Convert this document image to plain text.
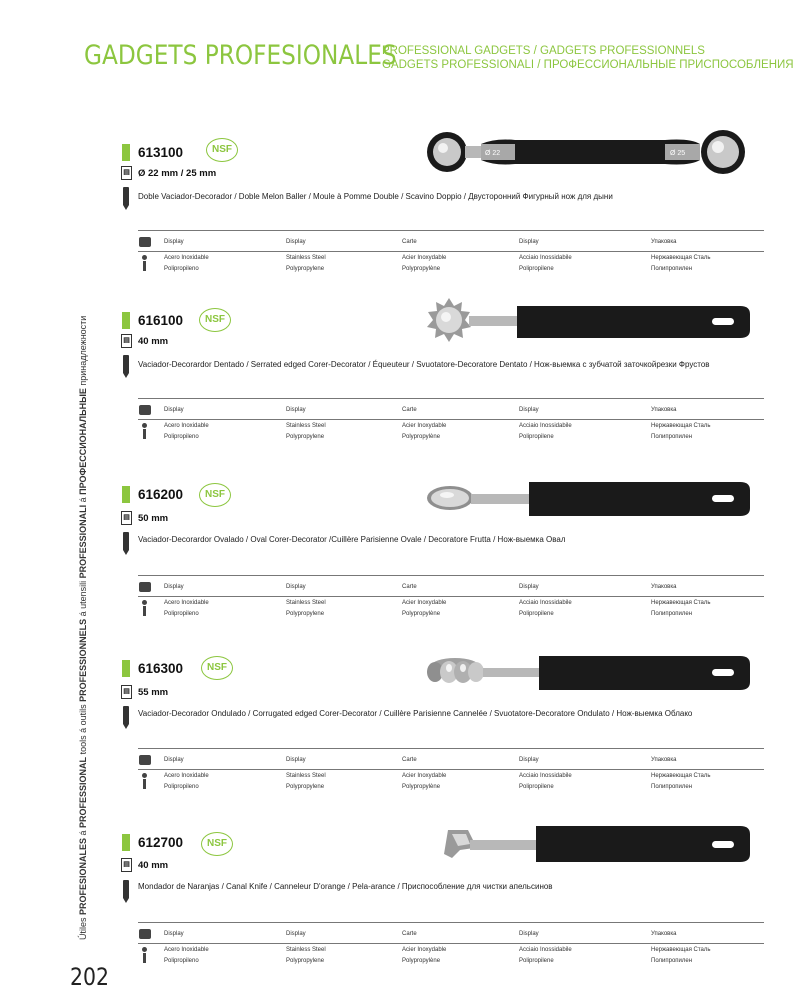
GADGETS PROFESIONALES
PROFESSIONAL GADGETS / GADGETS PROFESSIONNELS
GADGETS PROFESSIONALI / ПРОФЕССИОНАЛЬНЫЕ ПРИСПОСОБЛЕНИЯ
Útiles PROFESIONALES á PROFESSIONAL tools á outils PROFESSIONNELS á utensili PROFESSIONALI á ПРОФЕССИОНАЛЬНЫЕ принадлежности
202
613100	NSF
▤ Ø 22 mm / 25 mm
Doble Vaciador-Decorador / Doble Melon Baller / Moule à Pomme Double / Scavino Doppio / Двусторонний Фигурный нож для дыни
Ø 22	Ø 25
Display	Display	Carte	Display	Упаковка
Acero Inoxidable	Stainless Steel	Acier Inoxydable	Acciaio Inossidabile	Нержавеющая Сталь
Polipropileno	Polypropylene	Polypropylène	Polipropilene	Полипропилен
616100	NSF
▤ 40 mm
Vaciador-Decorardor Dentado / Serrated edged Corer-Decorator / Équeuteur / Svuotatore-Decoratore Dentato / Нож-выемка с зубчатой заточкойрезки Фрустов
Display	Display	Carte	Display	Упаковка
Acero Inoxidable	Stainless Steel	Acier Inoxydable	Acciaio Inossidabile	Нержавеющая Сталь
Polipropileno	Polypropylene	Polypropylène	Polipropilene	Полипропилен
616200	NSF
▤ 50 mm
Vaciador-Decorardor Ovalado / Oval Corer-Decorator /Cuillère Parisienne Ovale / Decoratore Frutta / Нож-выемка Овал
Display	Display	Carte	Display	Упаковка
Acero Inoxidable	Stainless Steel	Acier Inoxydable	Acciaio Inossidabile	Нержавеющая Сталь
Polipropileno	Polypropylene	Polypropylène	Polipropilene	Полипропилен
616300	NSF
▤ 55 mm
Vaciador-Decorador Ondulado / Corrugated edged Corer-Decorator / Cuillère Parisienne Cannelée / Svuotatore-Decoratore Ondulato / Нож-выемка Облако
Display	Display	Carte	Display	Упаковка
Acero Inoxidable	Stainless Steel	Acier Inoxydable	Acciaio Inossidabile	Нержавеющая Сталь
Polipropileno	Polypropylene	Polypropylène	Polipropilene	Полипропилен
612700	NSF
▤ 40 mm
Mondador de Naranjas / Canal Knife / Canneleur D'orange / Pela-arance / Приспособление для чистки апельсинов
Display	Display	Carte	Display	Упаковка
Acero Inoxidable	Stainless Steel	Acier Inoxydable	Acciaio Inossidabile	Нержавеющая Сталь
Polipropileno	Polypropylene	Polypropylène	Polipropilene	Полипропилен
